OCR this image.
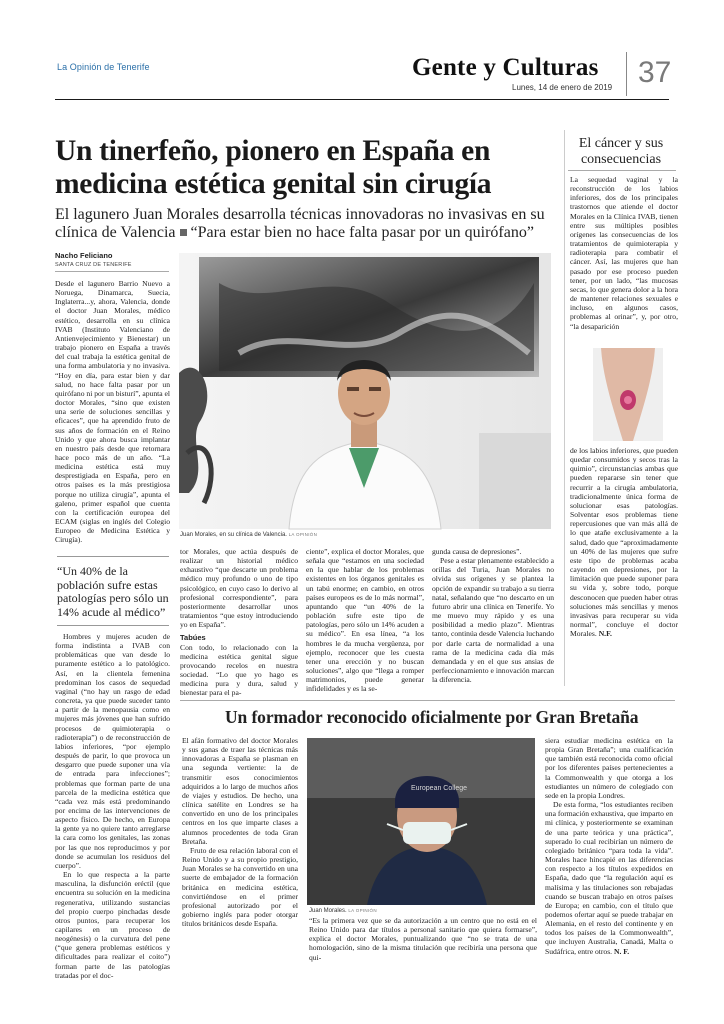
La Opinión de Tenerife	Gente y Culturas
Lunes, 14 de enero de 2019 37
Un tinerfeño, pionero en España en medicina estética genital sin cirugía
El lagunero Juan Morales desarrolla técnicas innovadoras no invasivas en su clínica de Valencia “Para estar bien no hace falta pasar por un quirófano”
Nacho Feliciano
SANTA CRUZ DE TENERIFE

Desde el lagunero Barrio Nuevo a Noruega, Dinamarca, Suecia, Inglaterra...y, ahora, Valencia, donde el doctor Juan Morales, médico estético, desarrolla en su clínica IVAB (Instituto Valenciano de Antienvejecimiento y Bienestar) un trabajo pionero en España a través del cual trabaja la estética genital de una forma ambulatoria y no invasiva. “Hoy en día, para estar bien y dar salud, no hace falta pasar por un quirófano ni por un bisturí”, apunta el doctor Morales, “sino que existen una serie de soluciones sencillas y eficaces”, que ha aprendido fruto de sus años de formación en el Reino Unido y que ahora busca implantar en nuestro país desde que retornara hace poco más de un año. “La medicina estética está muy desprestigiada en España, pero en otros países es la más prestigiosa porque no utiliza cirugía”, apunta el galeno, primer español que cuenta con la certificación europea del ECAM (siglas en inglés del Colegio Europeo de Medicina Estética y Cirugía).

Juan Morales, en su clínica de Valencia. LA OPINIÓN
El cáncer y sus consecuencias

La sequedad vaginal y la reconstrucción de los labios inferiores, dos de los principales trastornos que atiende el doctor Morales en la Clínica IVAB, tienen entre sus múltiples posibles orígenes las consecuencias de los tratamientos de quimioterapia y radioterapia para combatir el cáncer. Así, las mujeres que han pasado por ese proceso pueden tener, por un lado, “las mucosas secas, lo que genera dolor a la hora de mantener relaciones sexuales e incluso, en algunos casos, problemas al orinar”, y, por otro, “la desaparición

de los labios inferiores, que pueden quedar consumidos y secos tras la quimio”, circunstancias ambas que pueden repararse sin tener que recurrir a la cirugía ambulatoria, tradicionalmente única forma de solucionar esas patologías. Solventar esos problemas tiene repercusiones que van más allá de lo que atañe exclusivamente a la salud, dado que “aproximadamente un 40% de las mujeres que sufre este tipo de problemas acaba cayendo en depresiones, por la limitación que puede suponer para su vida y, sobre todo, porque desconocen que pueden haber otras soluciones más sencillas y menos invasivas para recuperar su vida normal”, concluye el doctor Morales. N.F.

“Un 40% de la población sufre estas patologías pero sólo un 14% acude al médico”

Hombres y mujeres acuden de forma indistinta a IVAB con problemáticas que van desde lo puramente estético a lo patológico. Así, en la clientela femenina predominan los casos de sequedad vaginal (“no hay un rasgo de edad concreta, ya que puede suceder tanto a partir de la menopausia como en mujeres más jóvenes que han sufrido procesos de quimioterapia o radioterapia”) o de reconstrucción de labios inferiores, “por ejemplo después de parir, lo que provoca un desgarro que puede suponer una vía de entrada para infecciones”; problemas que forman parte de una parcela de la medicina estética que “cada vez más está predominando por encima de las intervenciones de aspecto físico. De hecho, en Europa la gente ya no quiere tanto arreglarse la cara como los genitales, las zonas por las que nos reproducimos y por donde se acumulan los residuos del cuerpo”.

En lo que respecta a la parte masculina, la disfunción eréctil (que encuentra su solución en la medicina regenerativa, utilizando sustancias del propio cuerpo pinchadas desde otros puntos, para recuperar los capilares en un proceso de neogénesis) o la curvatura del pene (“que genera problemas estéticos y dificultades para realizar el coito”) forman parte de las patologías tratadas por el doc-

tor Morales, que actúa después de realizar un historial médico exhaustivo “que descarte un problema médico muy profundo o uno de tipo psicológico, en cuyo caso lo derivo al profesional correspondiente”, para posteriormente desarrollar unos tratamientos “que estoy introduciendo yo en España”.

Tabúes

Con todo, lo relacionado con la medicina estética genital sigue provocando recelos en nuestra sociedad. “Lo que yo hago es medicina pura y dura, salud y bienestar para el pa-

ciente”, explica el doctor Morales, que señala que “estamos en una sociedad en la que hablar de los problemas existentes en los órganos genitales es un tabú enorme; en cambio, en otros países europeos es de lo más normal”, apuntando que “un 40% de la población sufre este tipo de patologías, pero sólo un 14% acuden a su médico”. En esa línea, “a los hombres le da mucha vergüenza, por ejemplo, reconocer que les cuesta tener una erección y no buscan soluciones”, algo que “llega a romper matrimonios, puede generar infidelidades y es la se-

gunda causa de depresiones”.

Pese a estar plenamente establecido a orillas del Turia, Juan Morales no olvida sus orígenes y se plantea la opción de expandir su trabajo a su tierra natal, señalando que “no descarto en un futuro abrir una clínica en Tenerife. Yo me muevo muy rápido y es una posibilidad a medio plazo”. Mientras tanto, continúa desde Valencia luchando por darle carta de normalidad a una rama de la medicina cada día más demandada y en el que sus ansias de perfeccionamiento e innovación marcan la diferencia.

Un formador reconocido oficialmente por Gran Bretaña

El afán formativo del doctor Morales y sus ganas de traer las técnicas más innovadoras a España se plasman en una segunda vertiente: la de transmitir esos conocimientos adquiridos a lo largo de muchos años de viajes y estudios. De hecho, una clínica satélite en Londres se ha convertido en uno de los principales centros en los que imparte clases a alumnos procedentes de toda Gran Bretaña.

Fruto de esa relación laboral con el Reino Unido y a su propio prestigio, Juan Morales se ha convertido en una suerte de embajador de la formación británica en medicina estética, convirtiéndose en el primer profesional autorizado por el gobierno inglés para poder otorgar títulos británicos desde España.

European College
Juan Morales. LA OPINIÓN

“Es la primera vez que se da autorización a un centro que no está en el Reino Unido para dar títulos a personal sanitario que quiera formarse”, explica el doctor Morales, puntualizando que “no se trata de una homologación, sino de la misma titulación que recibiría una persona que qui-

siera estudiar medicina estética en la propia Gran Bretaña”; una cualificación que también está reconocida como oficial por los diferentes países pertenecientes a la Commonwealth y que otorga a los estudiantes un número de colegiado con sede en la propia Londres.

De esta forma, “los estudiantes reciben una formación exhaustiva, que imparto en mi clínica, y posteriormente se examinan de una parte teórica y una práctica”, superado lo cual recibirían un número de colegiado británico “para toda la vida”. Morales hace hincapié en las diferencias con respecto a los títulos expedidos en España, dado que “la regulación aquí es malísima y las titulaciones son rebajadas cuando se buscan trabajo en otros países de Europa; en cambio, con el título que podemos ofertar aquí se puede trabajar en Alemania, en el resto del continente y en todos los países de la Commonwealth”, que incluyen Australia, Canadá, Malta o Sudáfrica, entre otros. N. F.
